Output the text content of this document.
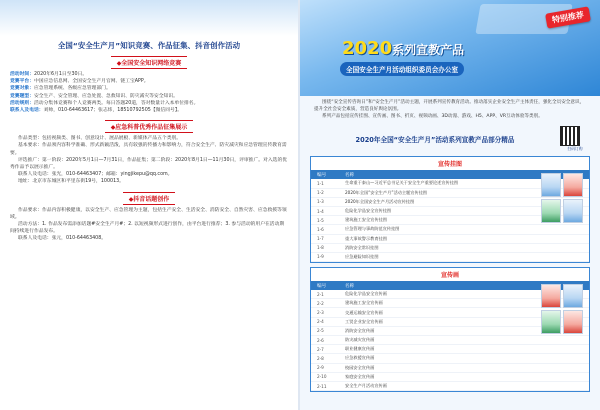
全国“安全生产月”知识竞赛、作品征集、抖音创作活动
◆全国安全知识网络竞赛
活动时间：2020年6月1日至30日。
竞赛平台：中国应急信息网、全国安全生产月官网、链工宝APP。
竞赛对象：应急管理系统、各级应急管理部门。
竞赛题型：安全生产、安全管理、应急处置、急救知识、防灾减灾等安全知识。
活动规则：活动分集体竞赛和个人竞赛两类。每日答题20道，答对数量计入本单位排名。
联系人及电话：刘帅，010-64463617；张志炜，18510792505【微信同号】。
◆应急科普优秀作品征集展示
作品类型：包括视频类、图书、创意设计、展品展板、新媒体产品五个类别。
基本要求：作品须内容科学准确、形式新颖活泼，具有较强的传播力和影响力，符合安全生产、防灾减灾和应急管理宣传教育需要。
评选推广：第一阶段：2020年5月1日—7月31日，作品征集；第二阶段：2020年8月1日—11月30日，评审推广。对入选的优秀作品予以展示推广。
联系人及电话：张光，010-64463407；邮箱：yingjikepu@qq.com。
地址：北京市东城区和平里东街19号，100013。
◆抖音话题创作
作品要求：作品内容积极健康，以安全生产、应急管理为主题，包括生产安全、生活安全、消防安全、自然灾害、应急救援等领域。
活动方法：1. 作品发布需添加话题#安全生产月#；2. 以短视频形式进行创作，由平台进行推荐；3. 参与活动的用户在活动期间持续进行作品发布。
联系人及电话：张元，010-64463408。
特别推荐
2020系列宣教产品
全国安全生产月活动组织委员会办公室

围绕“安全宣传咨询日”和“安全生产月”活动主题，开展系列宣传教育活动。推动落实企业安全生产主体责任，强化全员安全意识，提升全社会安全素质，营造良好舆论氛围。

系列产品包括宣传挂图、宣传画、图书、折页、视频动画、3D动漫、游戏、H5、APP、VR互动体验等类别。

2020年全国“安全生产月”活动系列宣教产品部分精品
扫码订购
宣传挂图
编号	名称
1-1	生命重于泰山—习近平总书记关于安全生产重要论述宣传挂图
1-2	2020年全国“安全生产月”活动主题宣传挂图
1-3	2020年全国安全生产月活动宣传挂图
1-4	危险化学品安全宣传挂图
1-5	建筑施工安全宣传挂图
1-6	应急管理与事故防范宣传挂图
1-7	重大事故警示教育挂图
1-8	消防安全常识挂图
1-9	应急避险知识挂图
宣传画
编号	名称
2-1	危险化学品安全宣传画
2-2	建筑施工安全宣传画
2-3	交通运输安全宣传画
2-4	工贸企业安全宣传画
2-5	消防安全宣传画
2-6	防灾减灾宣传画
2-7	职业健康宣传画
2-8	应急救援宣传画
2-9	校园安全宣传画
2-10	家庭安全宣传画
2-11	安全生产月活动宣传画
